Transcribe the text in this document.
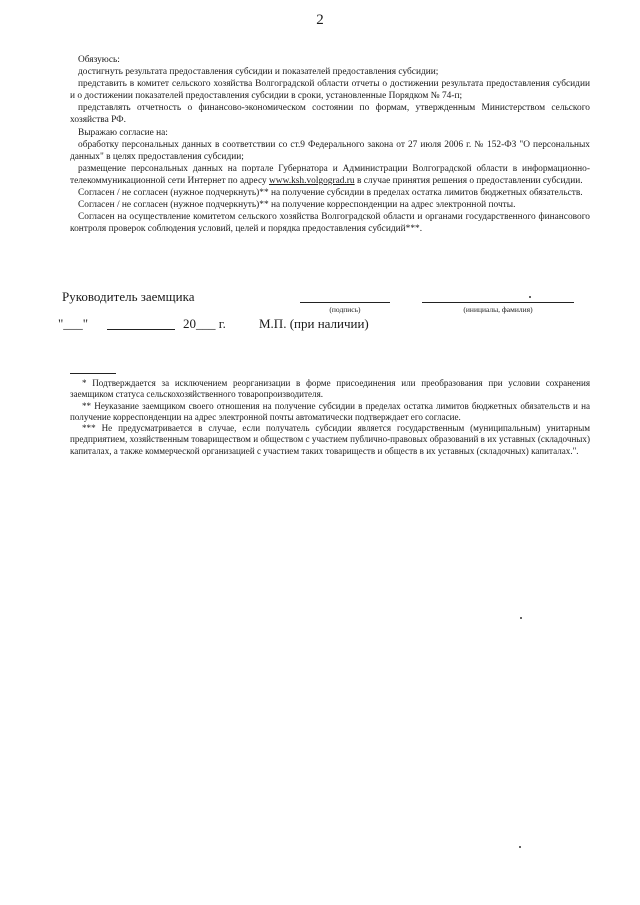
2

Обязуюсь:

достигнуть результата предоставления субсидии и показателей предоставления субсидии;

представить в комитет сельского хозяйства Волгоградской области отчеты о достижении результата предоставления субсидии и о достижении показателей предоставления субсидии в сроки, установленные Порядком № 74-п;

представлять отчетность о финансово-экономическом состоянии по формам, утвержденным Министерством сельского хозяйства РФ.

Выражаю согласие на:

обработку персональных данных в соответствии со ст.9 Федерального закона от 27 июля 2006 г. № 152-ФЗ "О персональных данных" в целях предоставления субсидии;

размещение персональных данных на портале Губернатора и Администрации Волгоградской области в информационно-телекоммуникационной сети Интернет по адресу www.ksh.volgograd.ru в случае принятия решения о предоставлении субсидии.

Согласен / не согласен (нужное подчеркнуть)** на получение субсидии в пределах остатка лимитов бюджетных обязательств.

Согласен / не согласен (нужное подчеркнуть)** на получение корреспонденции на адрес электронной почты.

Согласен на осуществление комитетом сельского хозяйства Волгоградской области и органами государственного финансового контроля проверок соблюдения условий, целей и порядка предоставления субсидий***.

Руководитель заемщика
(подпись)	(инициалы, фамилия)
"___"	20___ г.	М.П. (при наличии)

* Подтверждается за исключением реорганизации в форме присоединения или преобразования при условии сохранения заемщиком статуса сельскохозяйственного товаропроизводителя.

** Неуказание заемщиком своего отношения на получение субсидии в пределах остатка лимитов бюджетных обязательств и на получение корреспонденции на адрес электронной почты автоматически подтверждает его согласие.

*** Не предусматривается в случае, если получатель субсидии является государственным (муниципальным) унитарным предприятием, хозяйственным товариществом и обществом с участием публично-правовых образований в их уставных (складочных) капиталах, а также коммерческой организацией с участием таких товариществ и обществ в их уставных (складочных) капиталах.".
